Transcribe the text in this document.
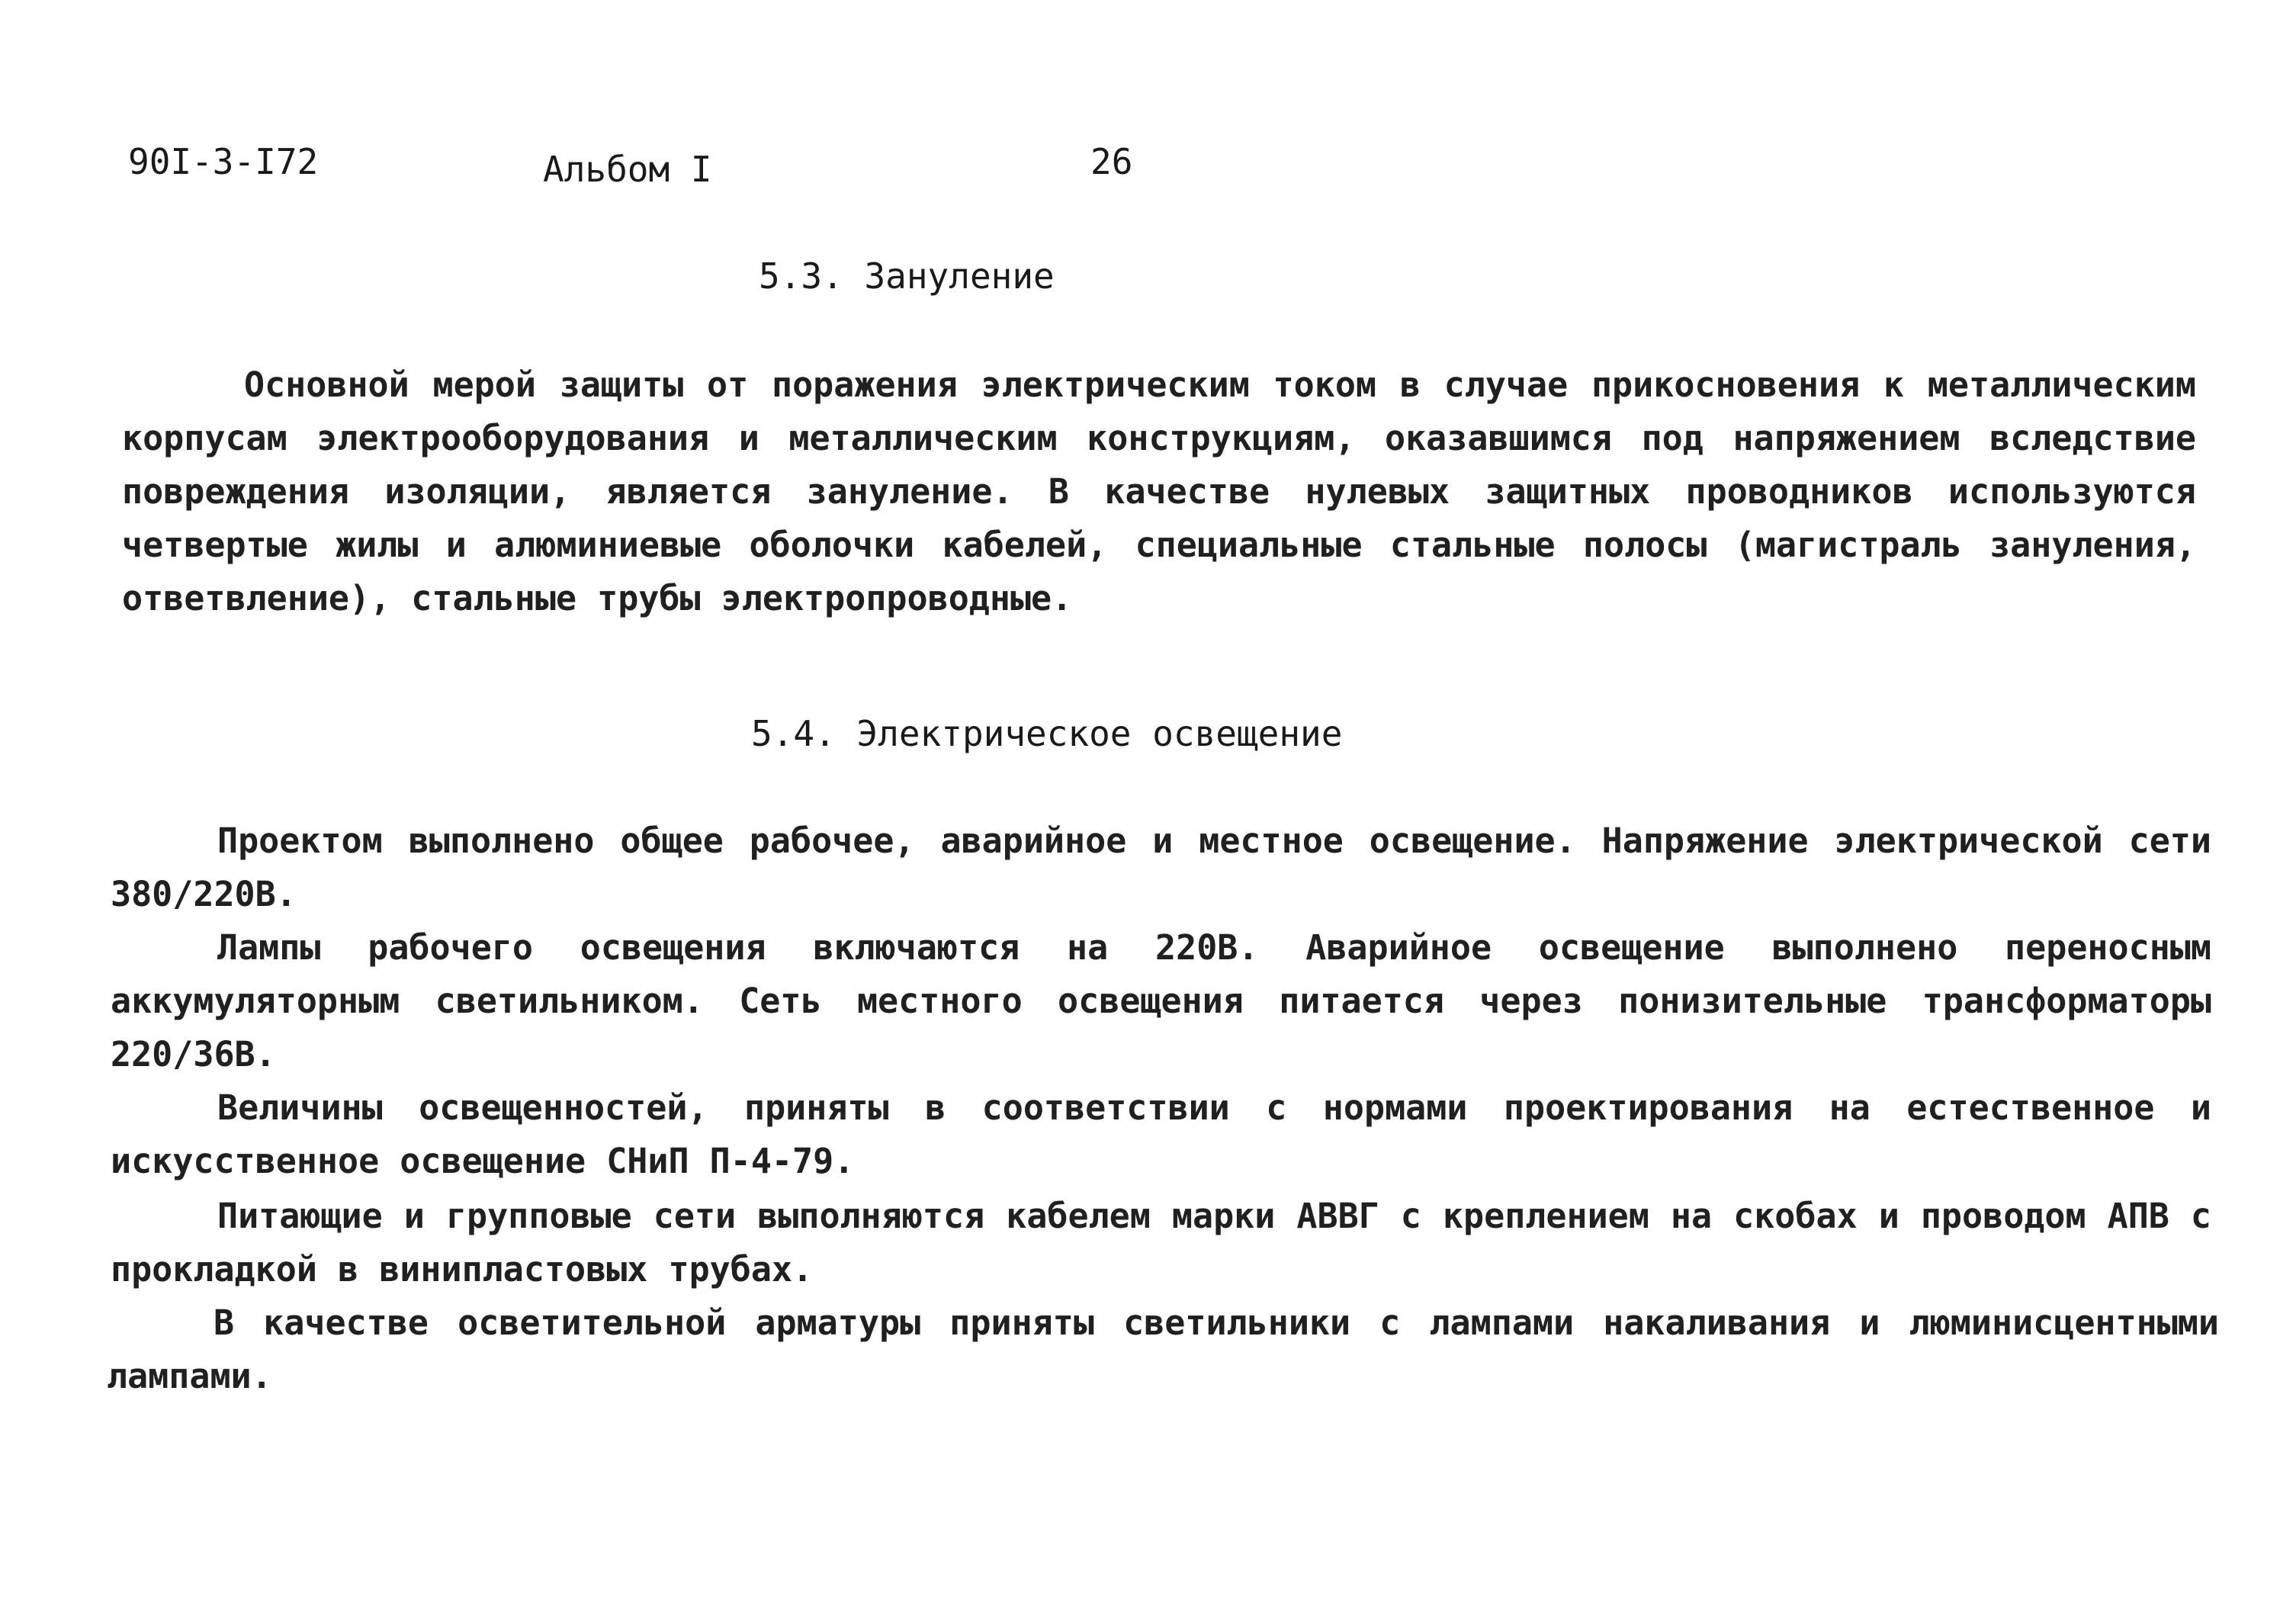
90I-3-I72	Альбом I	26
5.3. Зануление

Основной мерой защиты от поражения электрическим током в случае прикосновения к металлическим корпусам электрооборудования и металлическим конструкциям, оказавшимся под напряжением вследствие повреждения изоляции, является зануление. В качестве нулевых защитных проводников используются четвертые жилы и алюминиевые оболочки кабелей, специальные стальные полосы (магистраль зануления, ответвление), стальные трубы электропроводные.

5.4. Электрическое освещение

Проектом выполнено общее рабочее, аварийное и местное освещение. Напряжение электрической сети 380/220В.

Лампы рабочего освещения включаются на 220В. Аварийное освещение выполнено переносным аккумуляторным светильником. Сеть местного освещения питается через понизительные трансформаторы 220/36В.

Величины освещенностей, приняты в соответствии с нормами проектирования на естественное и искусственное освещение СНиП П-4-79.

Питающие и групповые сети выполняются кабелем марки АВВГ с креплением на скобах и проводом АПВ с прокладкой в винипластовых трубах.

В качестве осветительной арматуры приняты светильники с лампами накаливания и люминисцентными лампами.
